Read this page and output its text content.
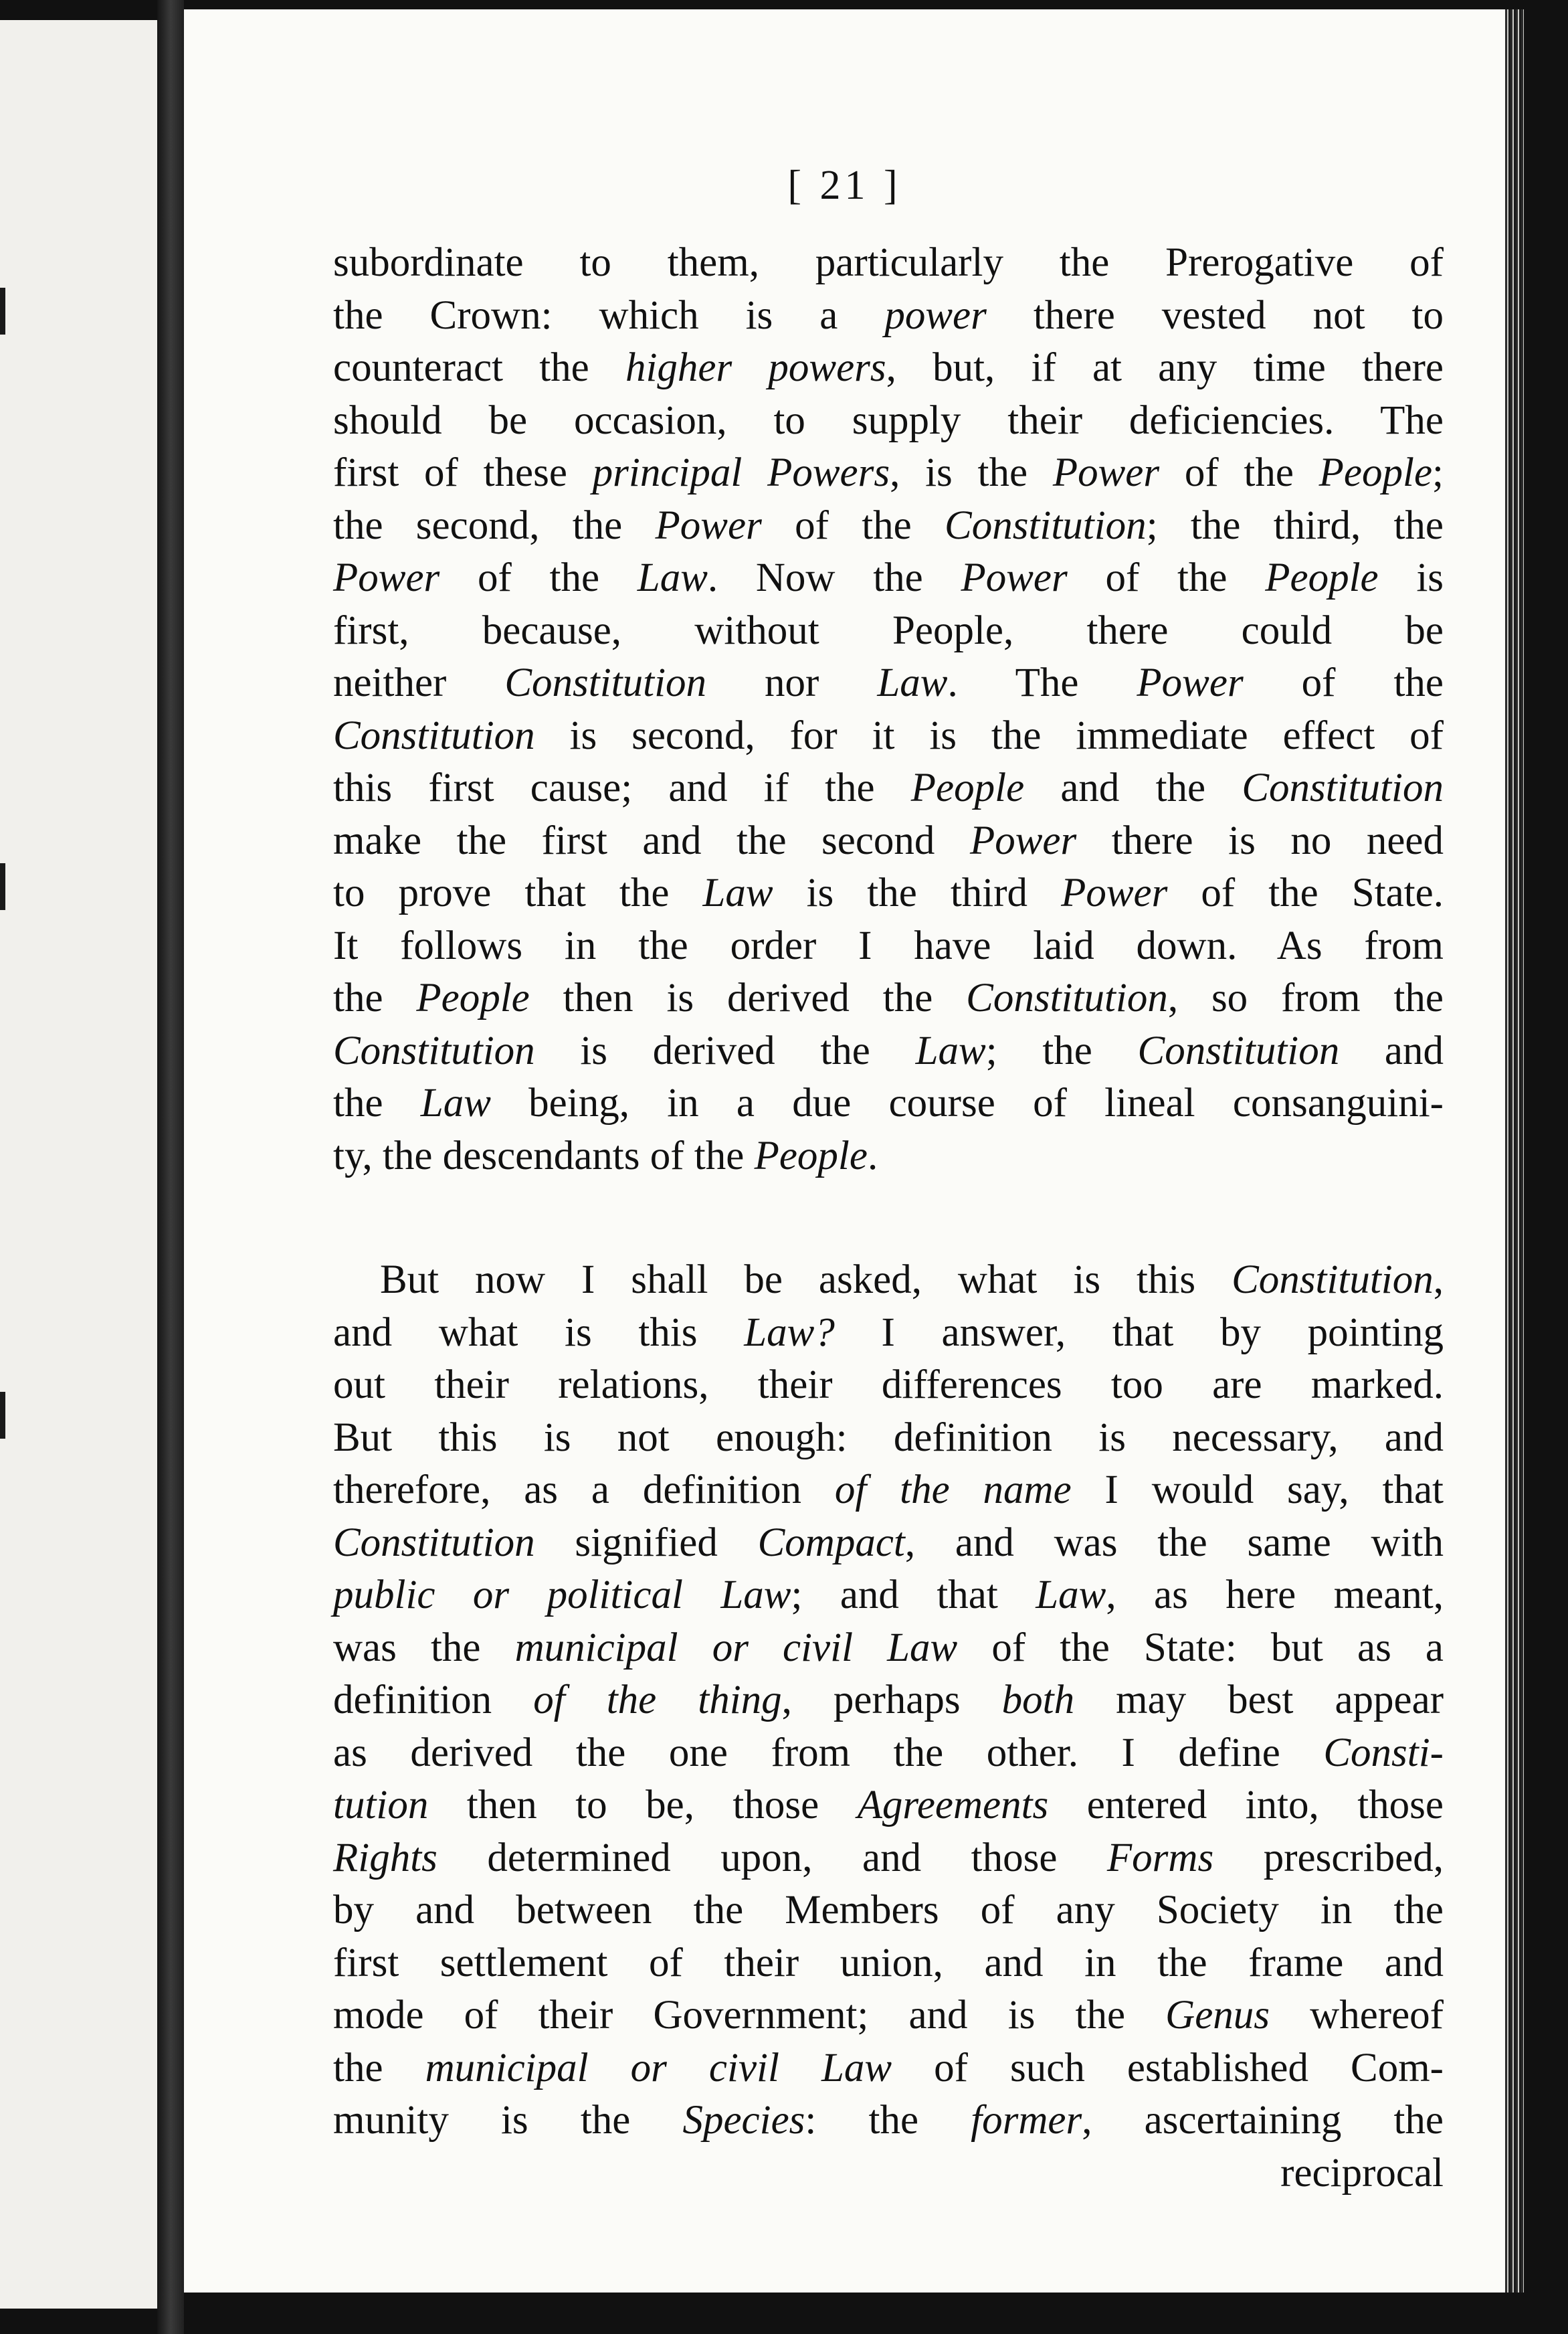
[ 21 ]
subordinate to them, particularly the Prerogative of
the Crown: which is a power there vested not to
counteract the higher powers, but, if at any time there
should be occasion, to supply their deficiencies. The
first of these principal Powers, is the Power of the People;
the second, the Power of the Constitution; the third, the
Power of the Law. Now the Power of the People is
first, because, without People, there could be
neither Constitution nor Law. The Power of the
Constitution is second, for it is the immediate effect of
this first cause; and if the People and the Constitution
make the first and the second Power there is no need
to prove that the Law is the third Power of the State.
It follows in the order I have laid down. As from
the People then is derived the Constitution, so from the
Constitution is derived the Law; the Constitution and
the Law being, in a due course of lineal consanguini-
ty, the descendants of the People.
But now I shall be asked, what is this Constitution,
and what is this Law? I answer, that by pointing
out their relations, their differences too are marked.
But this is not enough: definition is necessary, and
therefore, as a definition of the name I would say, that
Constitution signified Compact, and was the same with
public or political Law; and that Law, as here meant,
was the municipal or civil Law of the State: but as a
definition of the thing, perhaps both may best appear
as derived the one from the other. I define Consti-
tution then to be, those Agreements entered into, those
Rights determined upon, and those Forms prescribed,
by and between the Members of any Society in the
first settlement of their union, and in the frame and
mode of their Government; and is the Genus whereof
the municipal or civil Law of such established Com-
munity is the Species: the former, ascertaining the
reciprocal
